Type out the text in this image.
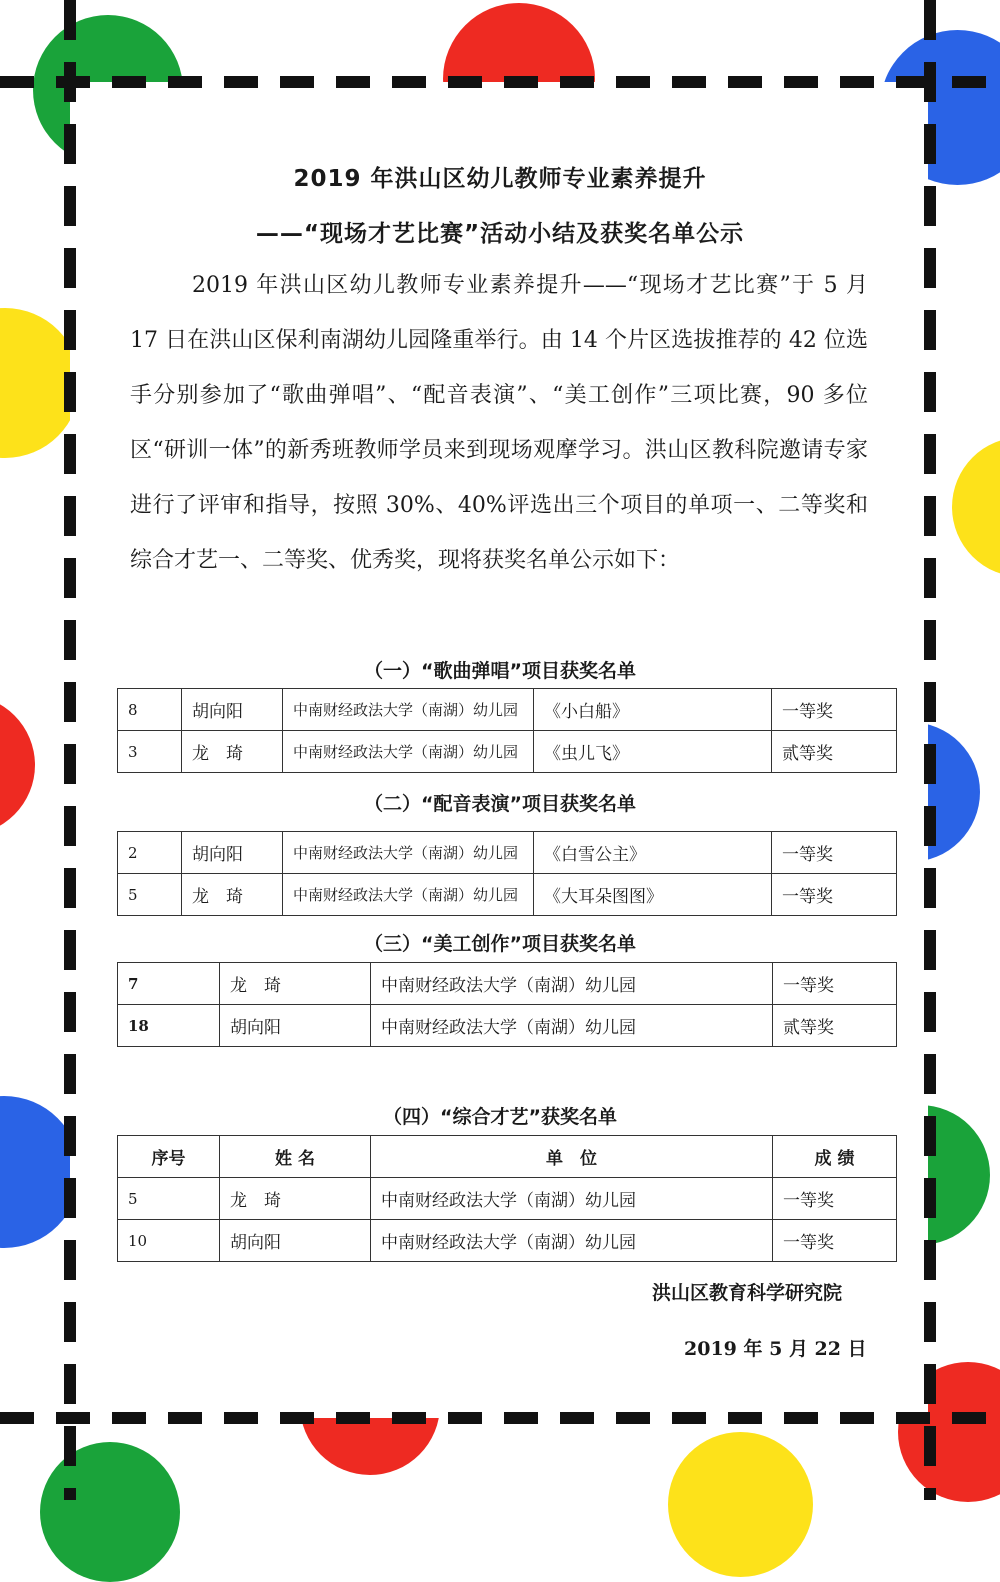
2019 年洪山区幼儿教师专业素养提升
——“现场才艺比赛”活动小结及获奖名单公示
2019 年洪山区幼儿教师专业素养提升——“现场才艺比赛”于 5 月 17 日在洪山区保利南湖幼儿园隆重举行。由 14 个片区选拔推荐的 42 位选手分别参加了“歌曲弹唱”、“配音表演”、“美工创作”三项比赛，90 多位区“研训一体”的新秀班教师学员来到现场观摩学习。洪山区教科院邀请专家进行了评审和指导，按照 30%、40%评选出三个项目的单项一、二等奖和综合才艺一、二等奖、优秀奖，现将获奖名单公示如下：
（一）“歌曲弹唱”项目获奖名单
8	胡向阳	中南财经政法大学（南湖）幼儿园	《小白船》	一等奖
3	龙　琦	中南财经政法大学（南湖）幼儿园	《虫儿飞》	贰等奖
（二）“配音表演”项目获奖名单
2	胡向阳	中南财经政法大学（南湖）幼儿园	《白雪公主》	一等奖
5	龙　琦	中南财经政法大学（南湖）幼儿园	《大耳朵图图》	一等奖
（三）“美工创作”项目获奖名单
7	龙　琦	中南财经政法大学（南湖）幼儿园	一等奖
18	胡向阳	中南财经政法大学（南湖）幼儿园	贰等奖
（四）“综合才艺”获奖名单
序号	姓 名	单　位	成 绩
5	龙　琦	中南财经政法大学（南湖）幼儿园	一等奖
10	胡向阳	中南财经政法大学（南湖）幼儿园	一等奖
洪山区教育科学研究院
2019 年 5 月 22 日
